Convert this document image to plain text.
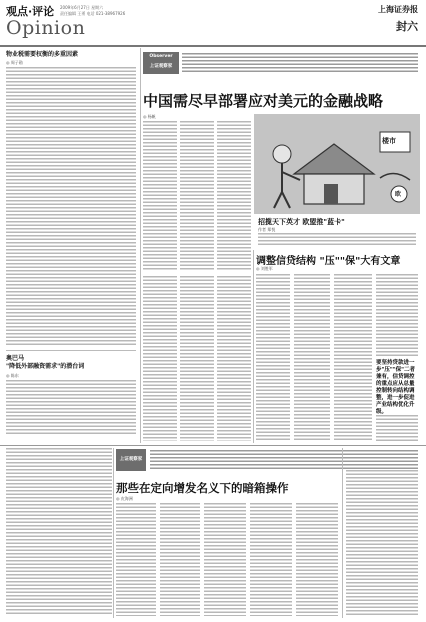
观点·评论
Opinion
2009年6月27日 星期六
责任编辑 王勇 电话 021-38967926	上海证券报
封六
物业税需要权衡的多重因素
◎ 周子勋
奥巴马
"降低外部融资需求"的潜台词
◎ 陈东
Observer
上证观察家
中国需尽早部署应对美元的金融战略
◎ 杨帆
楼市
欧
招揽天下英才 欧盟推"蓝卡"
作者 郑悦
调整信贷结构 "压""保"大有文章
◎ 刘胜军
要坚持贷款进一步"压""保"二者兼有，信贷调控的重点应从总量控制转向结构调整，进一步促进产业结构优化升级。
上证观察家
那些在定向增发名义下的暗箱操作
◎ 皮海洲
